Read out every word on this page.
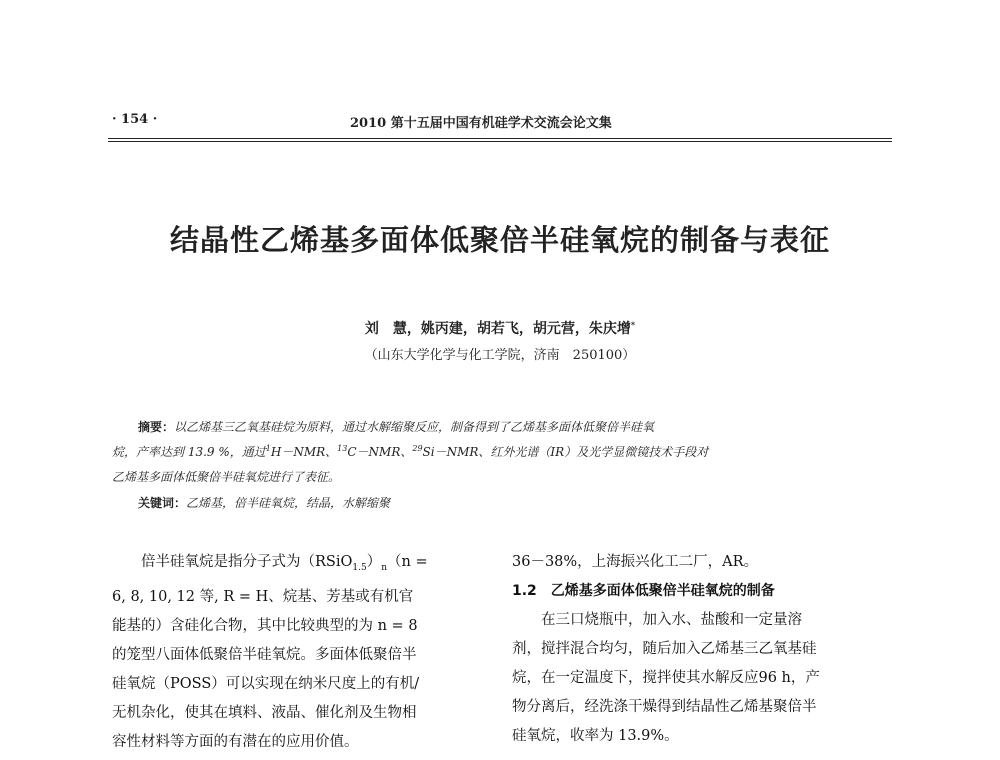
· 154 ·	2010 第十五届中国有机硅学术交流会论文集
结晶性乙烯基多面体低聚倍半硅氧烷的制备与表征
刘　慧，姚丙建，胡若飞，胡元营，朱庆增*
（山东大学化学与化工学院，济南　250100）
摘要：以乙烯基三乙氧基硅烷为原料，通过水解缩聚反应，制备得到了乙烯基多面体低聚倍半硅氧
烷，产率达到 13.9 %，通过$^1$H－NMR、$^{13}$C－NMR、$^{29}$Si－NMR、红外光谱（IR）及光学显微镜技术手段对
乙烯基多面体低聚倍半硅氧烷进行了表征。
关键词：乙烯基，倍半硅氧烷，结晶，水解缩聚
倍半硅氧烷是指分子式为$(RSiO_{1.5})_n(n$ =
6, 8, 10, 12 等, R = H、烷基、芳基或有机官
能基的）含硅化合物，其中比较典型的为 n = 8
的笼型八面体低聚倍半硅氧烷。多面体低聚倍半
硅氧烷（POSS）可以实现在纳米尺度上的有机/
无机杂化，使其在填料、液晶、催化剂及生物相
容性材料等方面的有潜在的应用价值。
36－38%，上海振兴化工二厂，AR。
1.2　乙烯基多面体低聚倍半硅氧烷的制备
在三口烧瓶中，加入水、盐酸和一定量溶
剂，搅拌混合均匀，随后加入乙烯基三乙氧基硅
烷，在一定温度下，搅拌使其水解反应96 h，产
物分离后，经洗涤干燥得到结晶性乙烯基聚倍半
硅氧烷，收率为 13.9%。
